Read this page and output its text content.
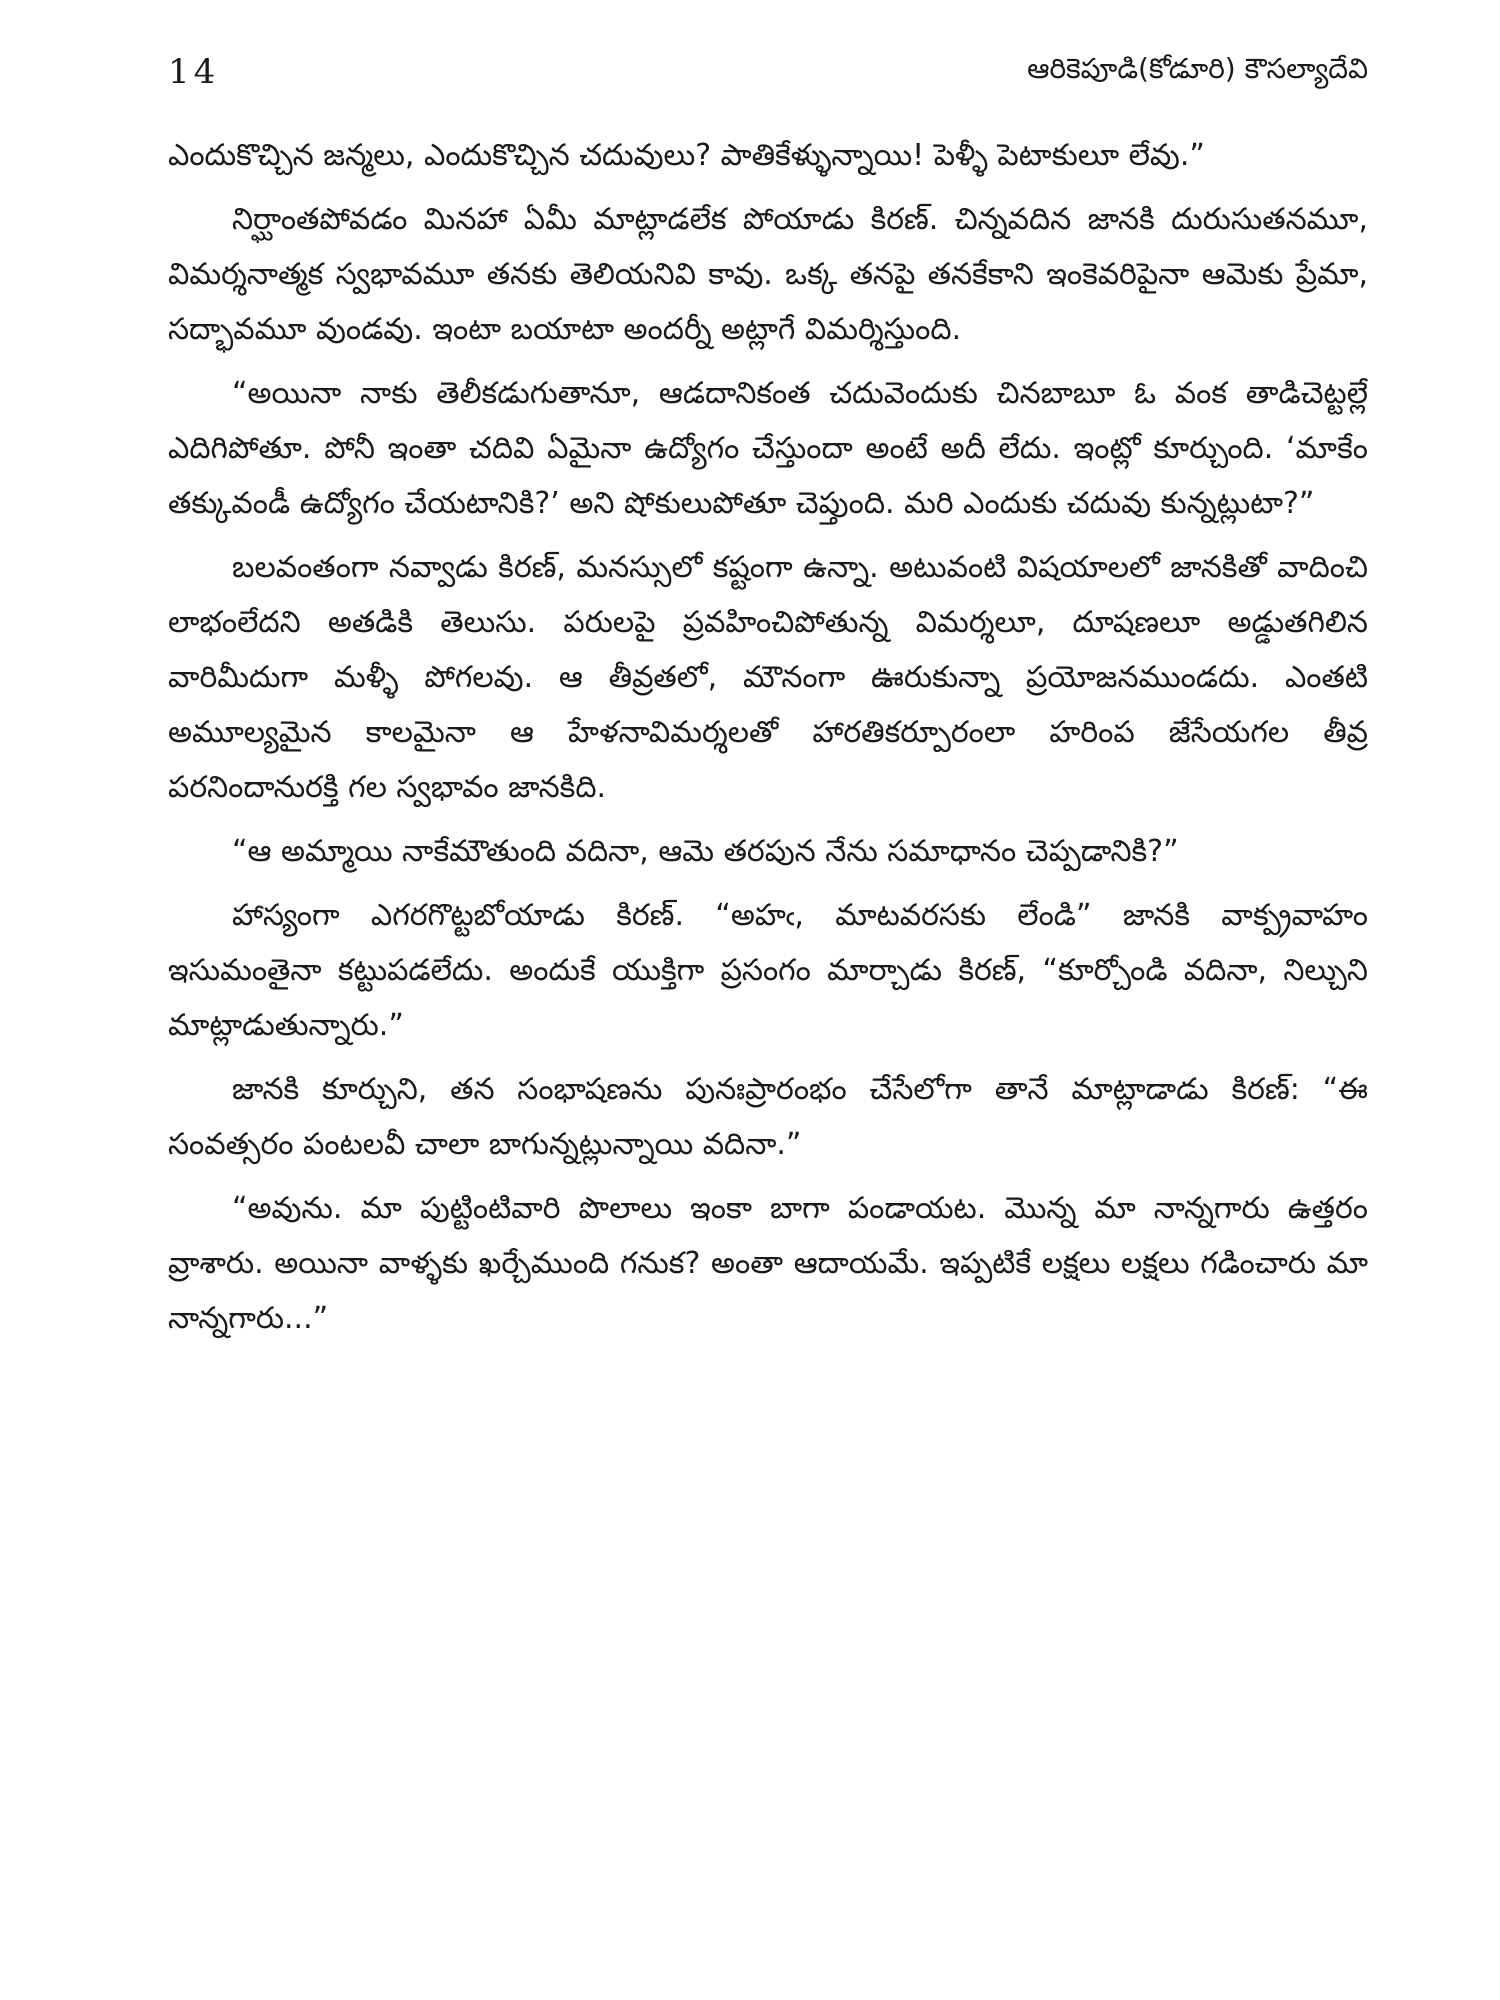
14	ఆరికెపూడి(కోడూరి) కౌసల్యాదేవి

ఎందుకొచ్చిన జన్మలు, ఎందుకొచ్చిన చదువులు? పాతికేళ్ళున్నాయి! పెళ్ళీ పెటాకులూ లేవు.”

నిర్ఘాంతపోవడం మినహా ఏమీ మాట్లాడలేక పోయాడు కిరణ్. చిన్నవదిన జానకి దురుసుతనమూ, విమర్శనాత్మక స్వభావమూ తనకు తెలియనివి కావు. ఒక్క తనపై తనకేకాని ఇంకెవరిపైనా ఆమెకు ప్రేమా, సద్భావమూ వుండవు. ఇంటా బయాటా అందర్నీ అట్లాగే విమర్శిస్తుంది.

“అయినా నాకు తెలీకడుగుతానూ, ఆడదానికంత చదువెందుకు చినబాబూ ఓ వంక తాడిచెట్టల్లే ఎదిగిపోతూ. పోనీ ఇంతా చదివి ఏమైనా ఉద్యోగం చేస్తుందా అంటే అదీ లేదు. ఇంట్లో కూర్చుంది. ‘మాకేం తక్కువండీ ఉద్యోగం చేయటానికి?’ అని షోకులుపోతూ చెప్తుంది. మరి ఎందుకు చదువు కున్నట్లుటా?”

బలవంతంగా నవ్వాడు కిరణ్, మనస్సులో కష్టంగా ఉన్నా. అటువంటి విషయాలలో జానకితో వాదించి లాభంలేదని అతడికి తెలుసు. పరులపై ప్రవహించిపోతున్న విమర్శలూ, దూషణలూ అడ్డుతగిలిన వారిమీదుగా మళ్ళీ పోగలవు. ఆ తీవ్రతలో, మౌనంగా ఊరుకున్నా ప్రయోజనముండదు. ఎంతటి అమూల్యమైన కాలమైనా ఆ హేళనావిమర్శలతో హారతికర్పూరంలా హరింప జేసేయగల తీవ్ర పరనిందానురక్తి గల స్వభావం జానకిది.

“ఆ అమ్మాయి నాకేమౌతుంది వదినా, ఆమె తరపున నేను సమాధానం చెప్పడానికి?”

హాస్యంగా ఎగరగొట్టబోయాడు కిరణ్. “అహఁ, మాటవరసకు లేండి” జానకి వాక్ప్రవాహం ఇసుమంతైనా కట్టుపడలేదు. అందుకే యుక్తిగా ప్రసంగం మార్చాడు కిరణ్, “కూర్చోండి వదినా, నిల్చుని మాట్లాడుతున్నారు.”

జానకి కూర్చుని, తన సంభాషణను పునఃప్రారంభం చేసేలోగా తానే మాట్లాడాడు కిరణ్: “ఈ సంవత్సరం పంటలవీ చాలా బాగున్నట్లున్నాయి వదినా.”

“అవును. మా పుట్టింటివారి పొలాలు ఇంకా బాగా పండాయట. మొన్న మా నాన్నగారు ఉత్తరం వ్రాశారు. అయినా వాళ్ళకు ఖర్చేముంది గనుక? అంతా ఆదాయమే. ఇప్పటికే లక్షలు లక్షలు గడించారు మా నాన్నగారు...”
